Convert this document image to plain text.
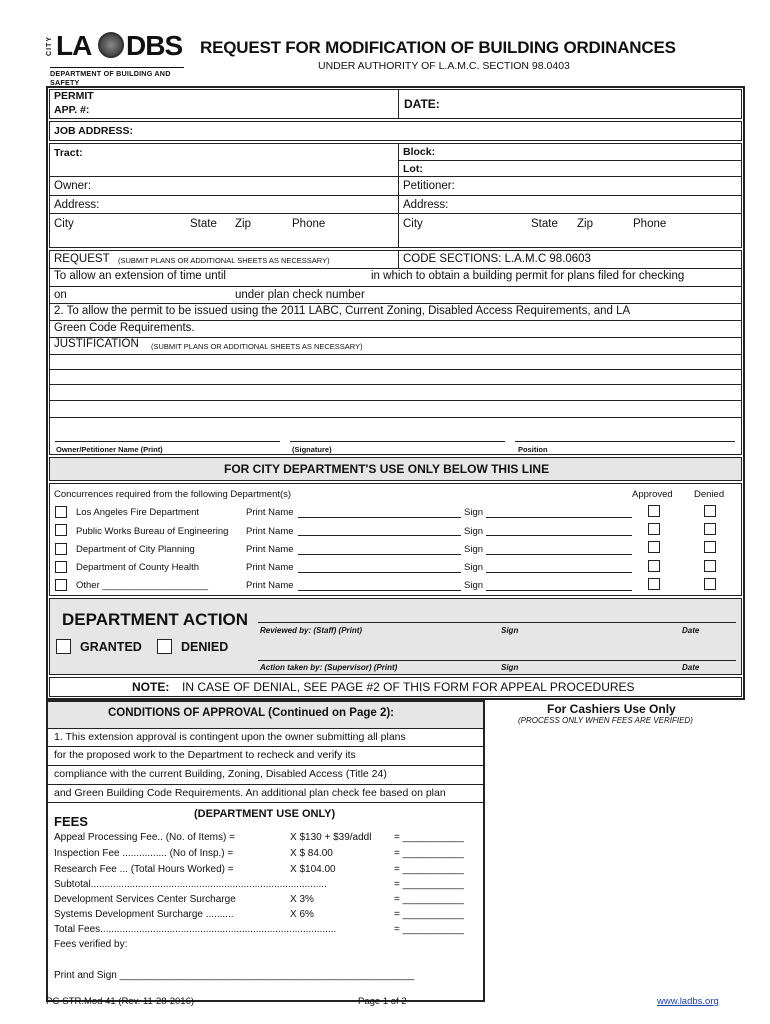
CITY LA DBS
DEPARTMENT OF BUILDING AND SAFETY
REQUEST FOR MODIFICATION OF BUILDING ORDINANCES
UNDER AUTHORITY OF L.A.M.C. SECTION 98.0403
PERMIT
APP. #:	DATE:
JOB ADDRESS:
Tract:	Block:
Lot:
Owner:	Petitioner:
Address:	Address:
City	State Zip	Phone	City	State Zip	Phone
REQUEST (SUBMIT PLANS OR ADDITIONAL SHEETS AS NECESSARY)	CODE SECTIONS: L.A.M.C 98.0603
To allow an extension of time until	in which to obtain a building permit for plans filed for checking
on	under plan check number
2. To allow the permit to be issued using the 2011 LABC, Current Zoning, Disabled Access Requirements, and LA
Green Code Requirements.
JUSTIFICATION (SUBMIT PLANS OR ADDITIONAL SHEETS AS NECESSARY)
Owner/Petitioner Name (Print)	(Signature)	Position
FOR CITY DEPARTMENT'S USE ONLY BELOW THIS LINE
Concurrences required from the following Department(s)	Approved Denied
Los Angeles Fire Department	Print Name	Sign
Public Works Bureau of Engineering Print Name	Sign
Department of City Planning	Print Name	Sign
Department of County Health	Print Name	Sign
Other ____________________	Print Name	Sign
DEPARTMENT ACTION
GRANTED	DENIED
Reviewed by: (Staff) (Print)	Sign	Date
Action taken by: (Supervisor) (Print)	Sign	Date
NOTE: IN CASE OF DENIAL, SEE PAGE #2 OF THIS FORM FOR APPEAL PROCEDURES
CONDITIONS OF APPROVAL (Continued on Page 2):
1. This extension approval is contingent upon the owner submitting all plans
for the proposed work to the Department to recheck and verify its
compliance with the current Building, Zoning, Disabled Access (Title 24)
and Green Building Code Requirements. An additional plan check fee based on plan
For Cashiers Use Only
(PROCESS ONLY WHEN FEES ARE VERIFIED)
(DEPARTMENT USE ONLY)
FEES
Appeal Processing Fee.. (No. of Items) =	X $130 + $39/addl = ___________
Inspection Fee ................ (No of Insp.) =	X $ 84.00	= ___________
Research Fee ... (Total Hours Worked) =	X $104.00	= ___________
Subtotal.....................................................................................	= ___________
Development Services Center Surcharge	X 3%	= ___________
Systems Development Surcharge ..........	X 6%	= ___________
Total Fees.....................................................................................	= ___________
Fees verified by:
Print and Sign _____________________________________________________
PC-STR.Mod 41 (Rev. 11-28-2016)	Page 1 of 2	www.ladbs.org
